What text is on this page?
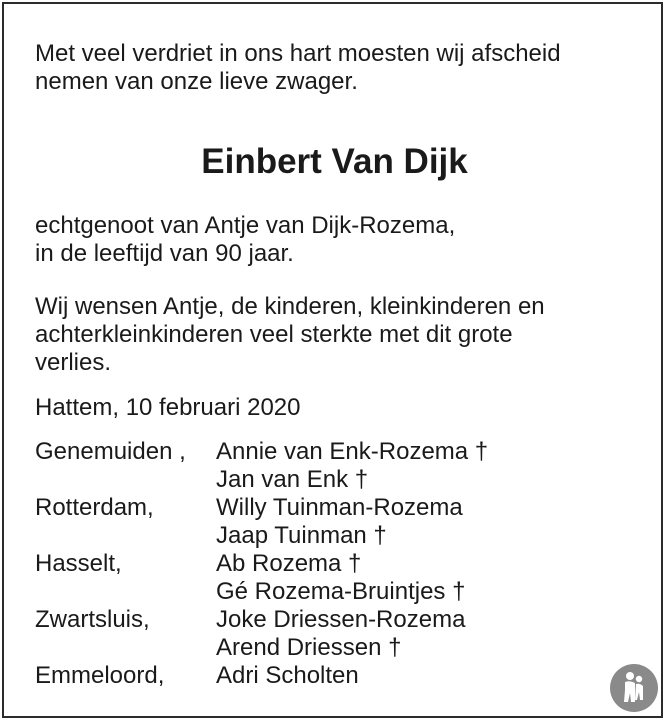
Met veel verdriet in ons hart moesten wij afscheid
nemen van onze lieve zwager.
Einbert Van Dijk
echtgenoot van Antje van Dijk-Rozema,
in de leeftijd van 90 jaar.
Wij wensen Antje, de kinderen, kleinkinderen en
achterkleinkinderen veel sterkte met dit grote
verlies.
Hattem, 10 februari 2020
Genemuiden , Annie van Enk-Rozema †
Jan van Enk †
Rotterdam,	Willy Tuinman-Rozema
Jaap Tuinman †
Hasselt,	Ab Rozema †
Gé Rozema-Bruintjes †
Zwartsluis,	Joke Driessen-Rozema
Arend Driessen †
Emmeloord, Adri Scholten
